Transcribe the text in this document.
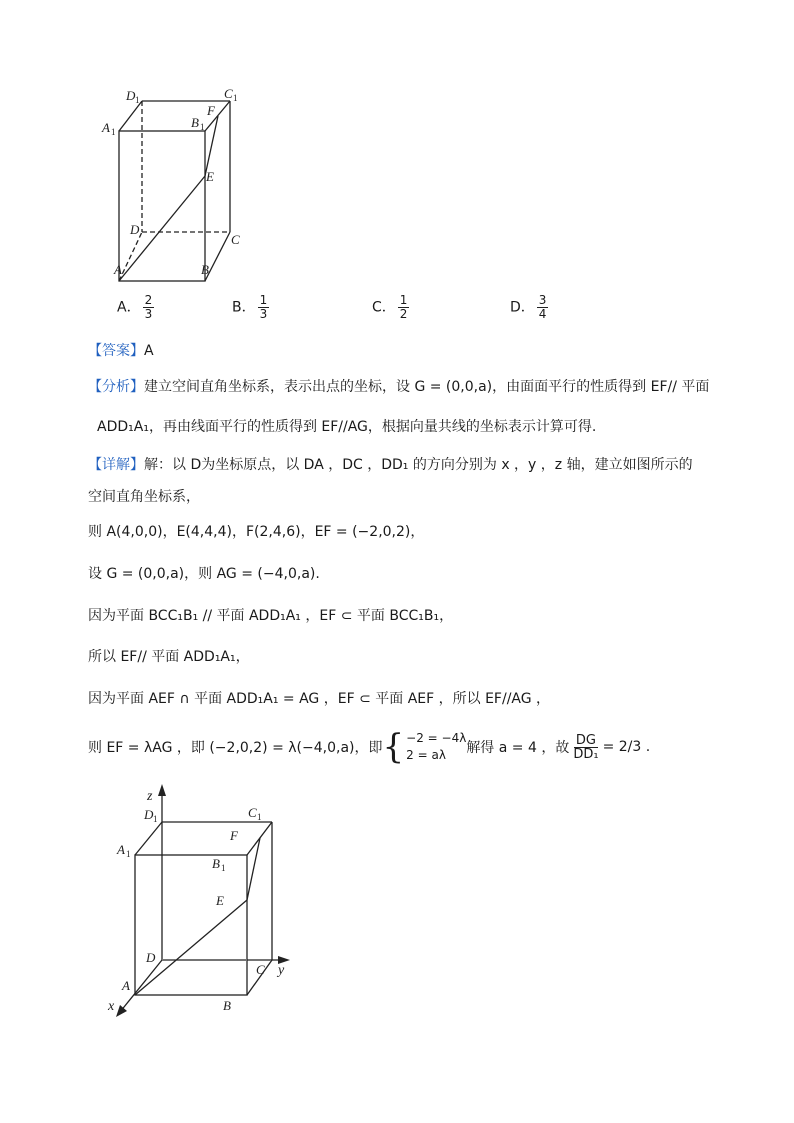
D 1	C 1
A 1
B 1
F
E
D
C
A	B
A． $\frac{2}{3}$	B． $\frac{1}{3}$	C． $\frac{1}{2}$	D． $\frac{3}{4}$
【答案】A
【分析】建立空间直角坐标系，表示出点的坐标，设 G = (0,0,a)，由面面平行的性质得到 EF// 平面
ADD₁A₁，再由线面平行的性质得到 EF//AG，根据向量共线的坐标表示计算可得.
【详解】解：以 D为坐标原点，以 DA ，DC ，DD₁ 的方向分别为 x ，y ，z 轴，建立如图所示的
空间直角坐标系，
则 A(4,0,0)，E(4,4,4)，F(2,4,6)，EF = (−2,0,2)，
设 G = (0,0,a)，则 AG = (−4,0,a).
因为平面 BCC₁B₁ // 平面 ADD₁A₁ ，EF ⊂ 平面 BCC₁B₁，
所以 EF// 平面 ADD₁A₁，
因为平面 AEF ∩ 平面 ADD₁A₁ = AG ，EF ⊂ 平面 AEF ，所以 EF//AG ，
则 EF = λAG ，即 (−2,0,2) = λ(−4,0,a)，即 { −2 = −4λ
2 = aλ	解得 a = 4 ，故 $\frac{DG}{\text{DD₁}} = 2/3$ .
z
D 1	C 1
A 1
F
B 1
E
D
A
C y
x	B
